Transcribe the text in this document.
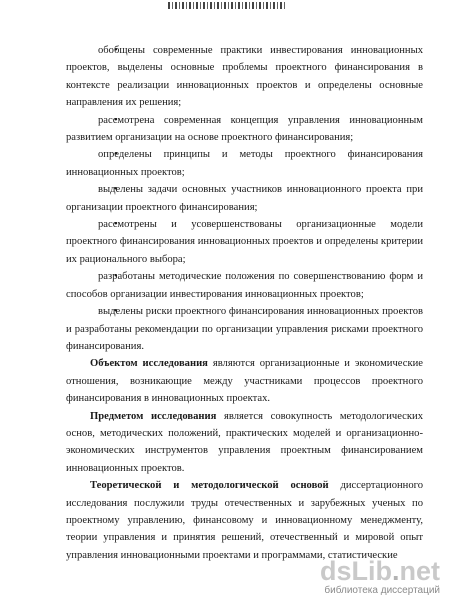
• обобщены современные практики инвестирования инновационных проектов, выделены основные проблемы проектного финансирования в контексте реализации инновационных проектов и определены основные направления их решения;

• рассмотрена современная концепция управления инновационным развитием организации на основе проектного финансирования;

• определены принципы и методы проектного финансирования инновационных проектов;

• выделены задачи основных участников инновационного проекта при организации проектного финансирования;

• рассмотрены и усовершенствованы организационные модели проектного финансирования инновационных проектов и определены критерии их рационального выбора;

• разработаны методические положения по совершенствованию форм и способов организации инвестирования инновационных проектов;

• выделены риски проектного финансирования инновационных проектов и разработаны рекомендации по организации управления рисками проектного финансирования.

Объектом исследования являются организационные и экономические отношения, возникающие между участниками процессов проектного финансирования в инновационных проектах.

Предметом исследования является совокупность методологических основ, методических положений, практических моделей и организационно-экономических инструментов управления проектным финансированием инновационных проектов.

Теоретической и методологической основой диссертационного исследования послужили труды отечественных и зарубежных ученых по проектному управлению, финансовому и инновационному менеджменту, теории управления и принятия решений, отечественный и мировой опыт управления инновационными проектами и программами, статистические

dsLib.net
библиотека диссертаций
